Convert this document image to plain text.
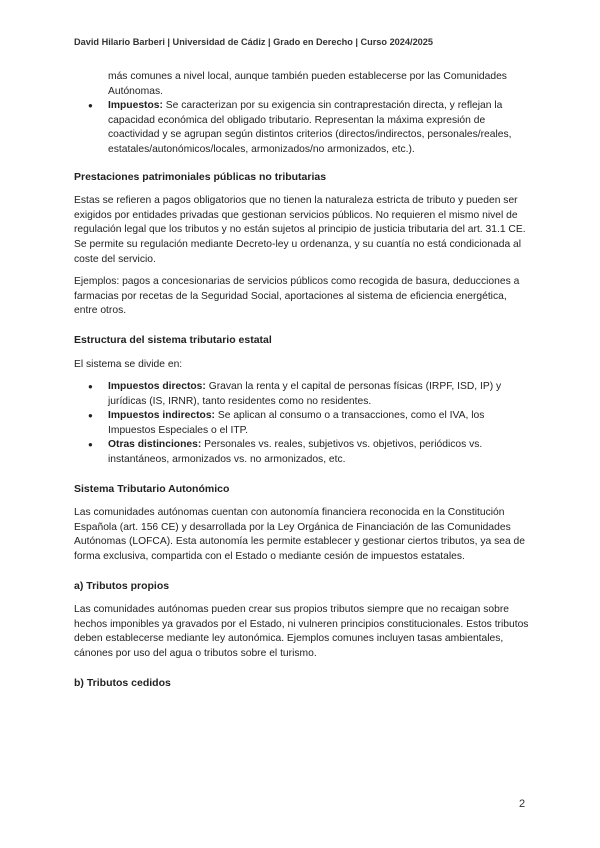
David Hilario Barberi | Universidad de Cádiz | Grado en Derecho | Curso 2024/2025
más comunes a nivel local, aunque también pueden establecerse por las Comunidades Autónomas.
● Impuestos: Se caracterizan por su exigencia sin contraprestación directa, y reflejan la capacidad económica del obligado tributario. Representan la máxima expresión de coactividad y se agrupan según distintos criterios (directos/indirectos, personales/reales, estatales/autonómicos/locales, armonizados/no armonizados, etc.).
Prestaciones patrimoniales públicas no tributarias

Estas se refieren a pagos obligatorios que no tienen la naturaleza estricta de tributo y pueden ser exigidos por entidades privadas que gestionan servicios públicos. No requieren el mismo nivel de regulación legal que los tributos y no están sujetos al principio de justicia tributaria del art. 31.1 CE. Se permite su regulación mediante Decreto-ley u ordenanza, y su cuantía no está condicionada al coste del servicio.

Ejemplos: pagos a concesionarias de servicios públicos como recogida de basura, deducciones a farmacias por recetas de la Seguridad Social, aportaciones al sistema de eficiencia energética, entre otros.

Estructura del sistema tributario estatal

El sistema se divide en:

● Impuestos directos: Gravan la renta y el capital de personas físicas (IRPF, ISD, IP) y jurídicas (IS, IRNR), tanto residentes como no residentes.
● Impuestos indirectos: Se aplican al consumo o a transacciones, como el IVA, los Impuestos Especiales o el ITP.
● Otras distinciones: Personales vs. reales, subjetivos vs. objetivos, periódicos vs. instantáneos, armonizados vs. no armonizados, etc.
Sistema Tributario Autonómico

Las comunidades autónomas cuentan con autonomía financiera reconocida en la Constitución Española (art. 156 CE) y desarrollada por la Ley Orgánica de Financiación de las Comunidades Autónomas (LOFCA). Esta autonomía les permite establecer y gestionar ciertos tributos, ya sea de forma exclusiva, compartida con el Estado o mediante cesión de impuestos estatales.

a) Tributos propios

Las comunidades autónomas pueden crear sus propios tributos siempre que no recaigan sobre hechos imponibles ya gravados por el Estado, ni vulneren principios constitucionales. Estos tributos deben establecerse mediante ley autonómica. Ejemplos comunes incluyen tasas ambientales, cánones por uso del agua o tributos sobre el turismo.

b) Tributos cedidos
2
